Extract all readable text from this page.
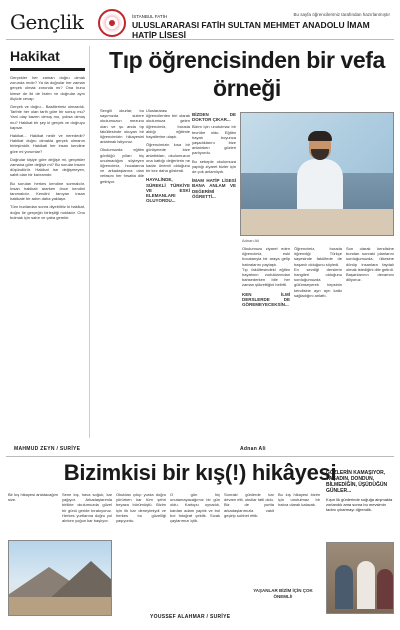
Gençlik	İSTANBUL FATİH
ULUSLARARASI FATİH SULTAN MEHMET ANADOLU İMAM HATİP LİSESİ
Bu sayfa öğrencilerimiz tarafından hazırlanmıştır
Hakikat

Gerçekler her zaman doğru olmak zorunda mıdır? Ya da doğrular her zaman gerçek olmak zorunda mı? Ona bunu kimse de iki de bizim ve doğrular aynı ölçüde cevap

Gerçek ve doğru... Basitlerimiz olmazdık. Tarihte her olan tarih göre bir sonuç mu? Yani olay bazen olmuş mu, yoksa olmuş mu? Hakikat bir şey ki gerçek ve doğruyu kapsar.

Hakikat... Hakikat nedir ve nerededir? Hakikat doğru olmakla gerçek olmanın birleşimidir. Hakikati her insan kendine göre mi yorumlar?

Doğrular kişiye göre değişir mi, gerçekler zamana göre değişir mi? Bu sorular insanı düşündürür. Hakikat ise değişmeyen, sabit olan bir kavramdır.

Bu soruları herkes kendine sormalıdır. İnsan hakikati ararken önce kendini tanımalıdır. Kendini tanıyan insan hakikate bir adım daha yaklaşır.

Tüm bunlardan sonra diyebiliriz ki hakikat, doğru ile gerçeğin birleştiği noktadır. Onu bulmak için sabır ve çaba gerekir.

MAHMUD ZEYN / SURİYE
Tıp öğrencisinden bir vefa örneği

Sevgili okurlar, bu sayımızda sizlere okulumuzun mezunu olan ve şu anda tıp fakültesinde okuyan bir öğrencimizin hikayesini anlatmak istiyoruz.

Okulumuzda eğitim gördüğü yılları hiç unutmadığını söyleyen öğrencimiz, hocalarına ve arkadaşlarına olan vefasını her fırsatta dile getiriyor.

Uluslararası öğrencilerden biri olarak okulumuza gelen öğrencimiz, burada aldığı eğitimle hayallerine ulaştı.

Öğrencimizin kısa bir görüşmede bize anlattıkları, okulumuzun ona kattığı değerlerin ne kadar önemli olduğunu bir kez daha gösterdi.

HAYALİNDE, SÜREKLİ TÜRKİYE VE ESKİ ELEMANLARI OLUYORDU...
BİZDEN DE DOKTOR ÇIKAR...

Bizim için unutulmaz bir tecrübe oldu. Eğitim hayatı boyunca yaşadıklarını bize anlatırken gözleri parlıyordu.

Bu sebeple okulumuza yaptığı ziyaret bizler için de çok anlamlıydı.

İMAM HATİP LİSESİ BANA ANLAM VE DEĞERİMİ ÖĞRETTİ...
Adnan Ali

Okulumuzu ziyaret eden öğrencimiz, eski hocalarıyla bir araya gelip hatıralarını paylaştı.

Tıp fakültesindeki eğitim hayatının zorluklarından bahsederken bile her zaman şükrettiğini belirtti.

KEN İLMİ DERSLERDE DE GÖREMEYECEKSİN...

Öğrencimiz, burada öğrendiği Türkçe sayesinde fakültede de başarılı olduğunu söyledi.

En sevdiği derslerin hangileri olduğunu sorduğumuzda gülümseyerek hepsinin kendisine ayrı ayrı katkı sağladığını anlattı.

Son olarak kendisine bundan sonraki planlarını sorduğumuzda, ülkesine dönüp insanlara faydalı olmak istediğini dile getirdi.

Başarılarının devamını diliyoruz.

Adnan Ali
Bizimkisi bir kış(!) hikâyesi

Bir kış hikayesi anlatacağım size.

Sene kış, hava soğuk, kar yağıyor. Arkadaşlarımla birlikte okulumuzda güzel bir günü geride bırakıyoruz. Herkes yurtlarına doğru yol alırken yoğun kar başlıyor.

Okuldan çıkıp yurda doğru yürürken kar tüm şehri beyaza bürümüştü. Bizim için ilk kar deneyimiydi ve herkes bu güzelliği yaşıyordu.

O gün hiç unutamayacağımız bir gün oldu. Kartopu oynadık, kardan adam yaptık ve bol bol fotoğraf çektik. Sıcak çaylarımızı içtik.

Sonraki günlerde kar devam etti, okullar tatil oldu. Biz de yurtta arkadaşlarımızla vakit geçirip sohbet ettik.

Bu kış hikayesi bizim için unutulmaz bir hatıra olarak kalacak.

GÖZLERİN KAMAŞIYOR, YAŞADIN, DONDUN, BİLMEDİĞİN, ÜŞÜDÜĞÜN GÜNLER...
Kışın ilk günlerinde soğuğa alışmakta zorlandık ama sonra bu mevsimin tadını çıkarmayı öğrendik.
YAŞANLAR BİZİM İÇİN ÇOK ÖNEMLİ!
YOUSSEF ALAHMAR / SURİYE
